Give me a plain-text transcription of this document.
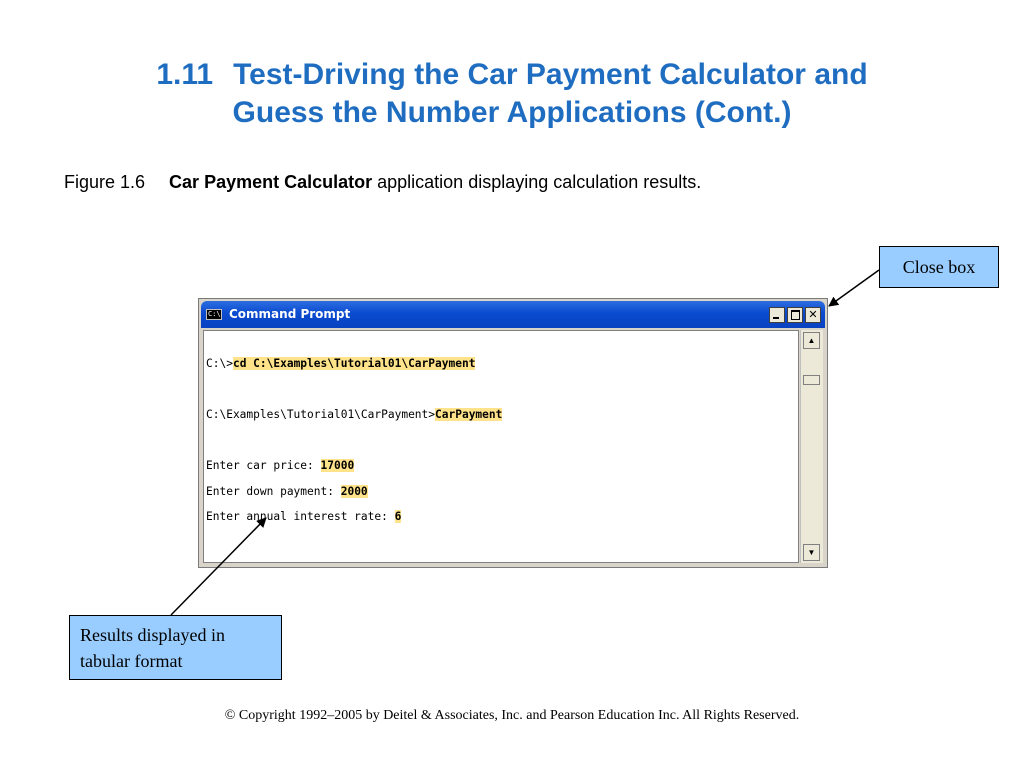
1.11 Test-Driving the Car Payment Calculator and
Guess the Number Applications (Cont.)
Figure 1.6 Car Payment Calculator application displaying calculation results.
C:\ Command Prompt	✕

C:\>cd C:\Examples\Tutorial01\CarPayment

C:\Examples\Tutorial01\CarPayment>CarPayment

Enter car price: 17000

Enter down payment: 2000

Enter annual interest rate: 6

▲
▼
Close box
Results displayed in
tabular format
© Copyright 1992–2005 by Deitel & Associates, Inc. and Pearson Education Inc. All Rights Reserved.
